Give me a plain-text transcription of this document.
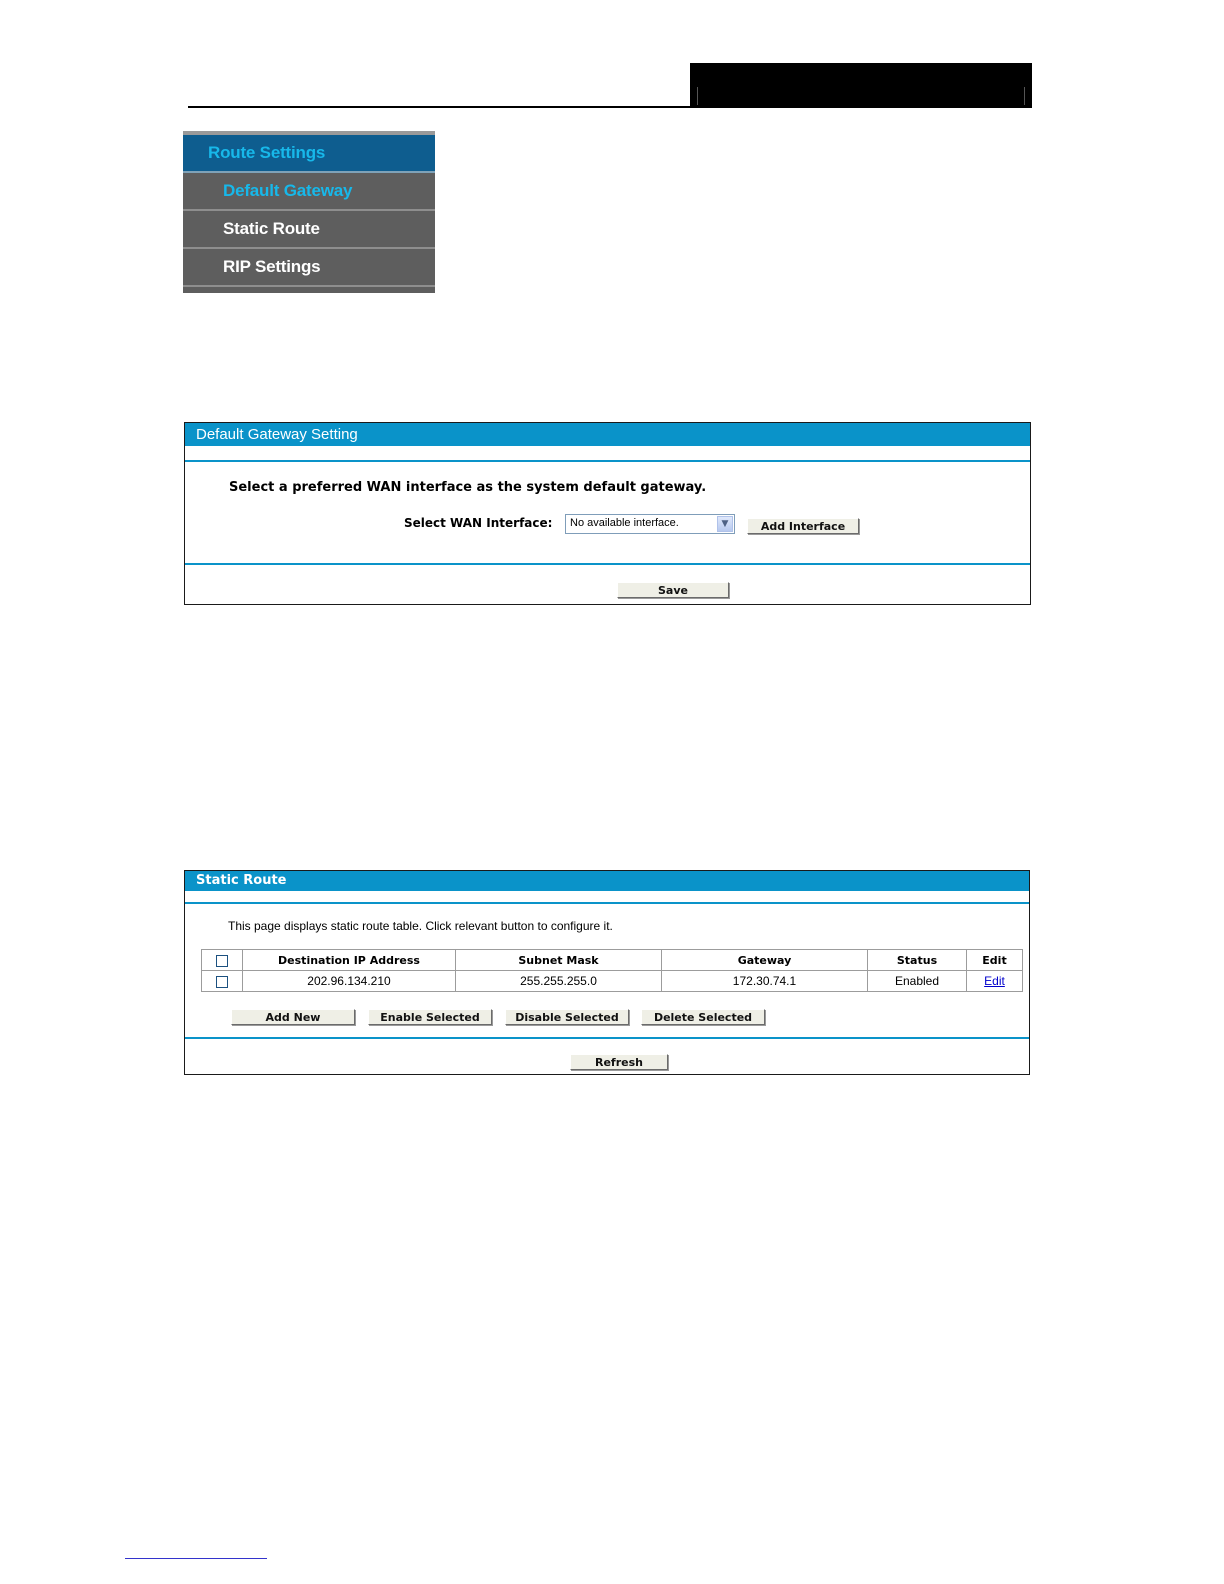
Route Settings
Default Gateway
Static Route
RIP Settings
Default Gateway Setting
Select a preferred WAN interface as the system default gateway.
Select WAN Interface: No available interface.	▼	Add Interface
Save
Static Route
This page displays static route table. Click relevant button to configure it.
	Destination IP Address	Subnet Mask	Gateway	Status	Edit
	202.96.134.210	255.255.255.0	172.30.74.1	Enabled	Edit
Add New	Enable Selected	Disable Selected	Delete Selected
Refresh
